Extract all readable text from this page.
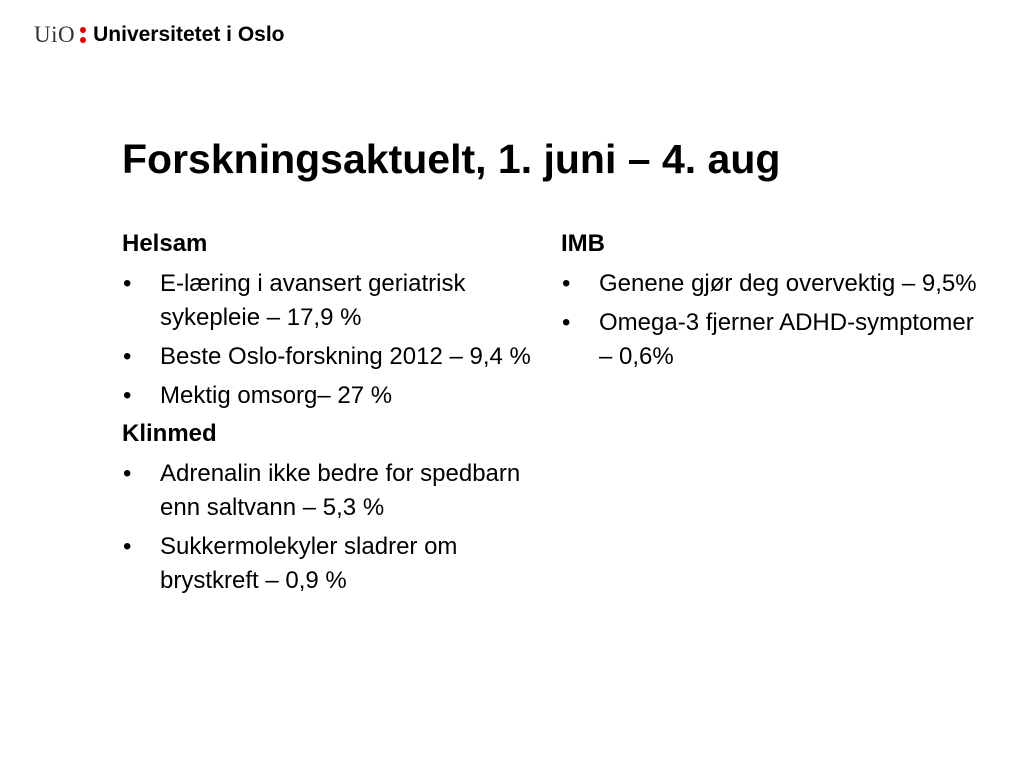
UiO Universitetet i Oslo
Forskningsaktuelt, 1. juni – 4. aug
Helsam
• E-læring i avansert geriatrisk sykepleie – 17,9 %
• Beste Oslo-forskning 2012 – 9,4 %
• Mektig omsorg– 27 %
Klinmed
• Adrenalin ikke bedre for spedbarn enn saltvann – 5,3 %
• Sukkermolekyler sladrer om brystkreft – 0,9 %
IMB
• Genene gjør deg overvektig – 9,5%
• Omega-3 fjerner ADHD-symptomer – 0,6%
